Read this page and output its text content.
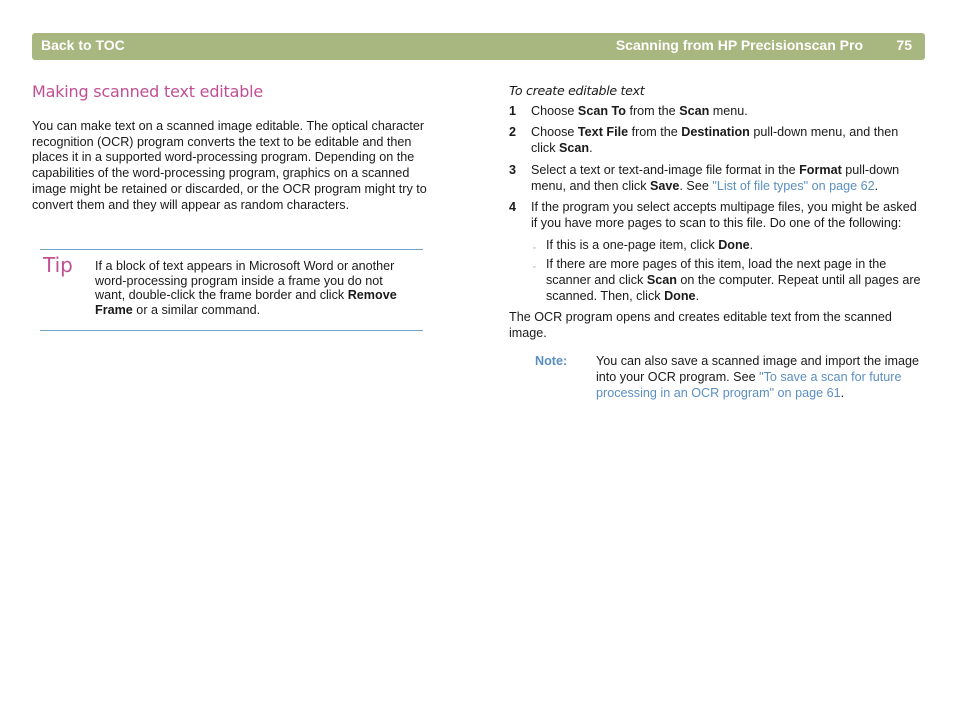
Back to TOC	Scanning from HP Precisionscan Pro 75
Making scanned text editable

You can make text on a scanned image editable. The optical character recognition (OCR) program converts the text to be editable and then places it in a supported word-processing program. Depending on the capabilities of the word-processing program, graphics on a scanned image might be retained or discarded, or the OCR program might try to convert them and they will appear as random characters.

Tip If a block of text appears in Microsoft Word or another word-processing program inside a frame you do not want, double-click the frame border and click Remove Frame or a similar command.

To create editable text

1 Choose Scan To from the Scan menu.

2 Choose Text File from the Destination pull-down menu, and then click Scan.

3 Select a text or text-and-image file format in the Format pull-down menu, and then click Save. See "List of file types" on page 62.

4 If the program you select accepts multipage files, you might be asked if you have more pages to scan to this file. Do one of the following:

▫ If this is a one-page item, click Done.

▫ If there are more pages of this item, load the next page in the scanner and click Scan on the computer. Repeat until all pages are scanned. Then, click Done.

The OCR program opens and creates editable text from the scanned image.

Note: You can also save a scanned image and import the image into your OCR program. See "To save a scan for future processing in an OCR program" on page 61.
